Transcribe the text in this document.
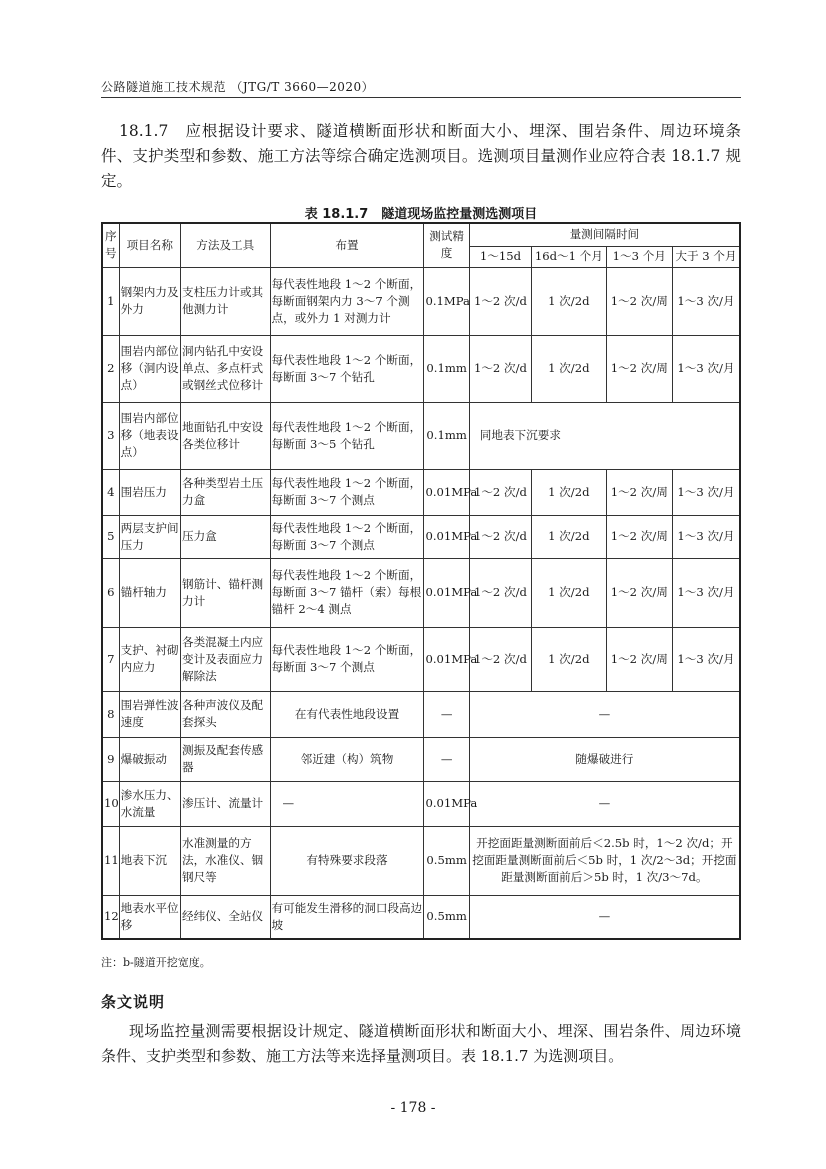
公路隧道施工技术规范 （JTG/T 3660—2020）
18.1.7　应根据设计要求、隧道横断面形状和断面大小、埋深、围岩条件、周边环境条件、支护类型和参数、施工方法等综合确定选测项目。选测项目量测作业应符合表 18.1.7 规定。
表 18.1.7　隧道现场监控量测选测项目
序号	项目名称	方法及工具	布置	测试精度	量测间隔时间			
					1～15d	16d～1 个月	1～3 个月	大于 3 个月
1	钢架内力及外力	支柱压力计或其他测力计	每代表性地段 1～2 个断面，每断面钢架内力 3～7 个测点，或外力 1 对测力计	0.1MPa	1～2 次/d	1 次/2d	1～2 次/周	1～3 次/月
2	围岩内部位移（洞内设点）	洞内钻孔中安设单点、多点杆式或钢丝式位移计	每代表性地段 1～2 个断面，每断面 3～7 个钻孔	0.1mm	1～2 次/d	1 次/2d	1～2 次/周	1～3 次/月
3	围岩内部位移（地表设点）	地面钻孔中安设各类位移计	每代表性地段 1～2 个断面，每断面 3～5 个钻孔	0.1mm	同地表下沉要求			
4	围岩压力	各种类型岩土压力盒	每代表性地段 1～2 个断面，每断面 3～7 个测点	0.01MPa	1～2 次/d	1 次/2d	1～2 次/周	1～3 次/月
5	两层支护间压力	压力盒	每代表性地段 1～2 个断面，每断面 3～7 个测点	0.01MPa	1～2 次/d	1 次/2d	1～2 次/周	1～3 次/月
6	锚杆轴力	钢筋计、锚杆测力计	每代表性地段 1～2 个断面，每断面 3～7 锚杆（索）每根锚杆 2～4 测点	0.01MPa	1～2 次/d	1 次/2d	1～2 次/周	1～3 次/月
7	支护、衬砌内应力	各类混凝土内应变计及表面应力解除法	每代表性地段 1～2 个断面，每断面 3～7 个测点	0.01MPa	1～2 次/d	1 次/2d	1～2 次/周	1～3 次/月
8	围岩弹性波速度	各种声波仪及配套探头	在有代表性地段设置	—	—			
9	爆破振动	测振及配套传感器	邻近建（构）筑物	—	随爆破进行			
10	渗水压力、水流量	渗压计、流量计	—	0.01MPa	—			
11	地表下沉	水准测量的方法，水准仪、铟钢尺等	有特殊要求段落	0.5mm	开挖面距量测断面前后＜2.5b 时，1～2 次/d；开挖面距量测断面前后＜5b 时，1 次/2～3d；开挖面距量测断面前后＞5b 时，1 次/3～7d。			
12	地表水平位移	经纬仪、全站仪	有可能发生滑移的洞口段高边坡	0.5mm	—			
注：b-隧道开挖宽度。
条文说明
现场监控量测需要根据设计规定、隧道横断面形状和断面大小、埋深、围岩条件、周边环境条件、支护类型和参数、施工方法等来选择量测项目。表 18.1.7 为选测项目。
- 178 -
